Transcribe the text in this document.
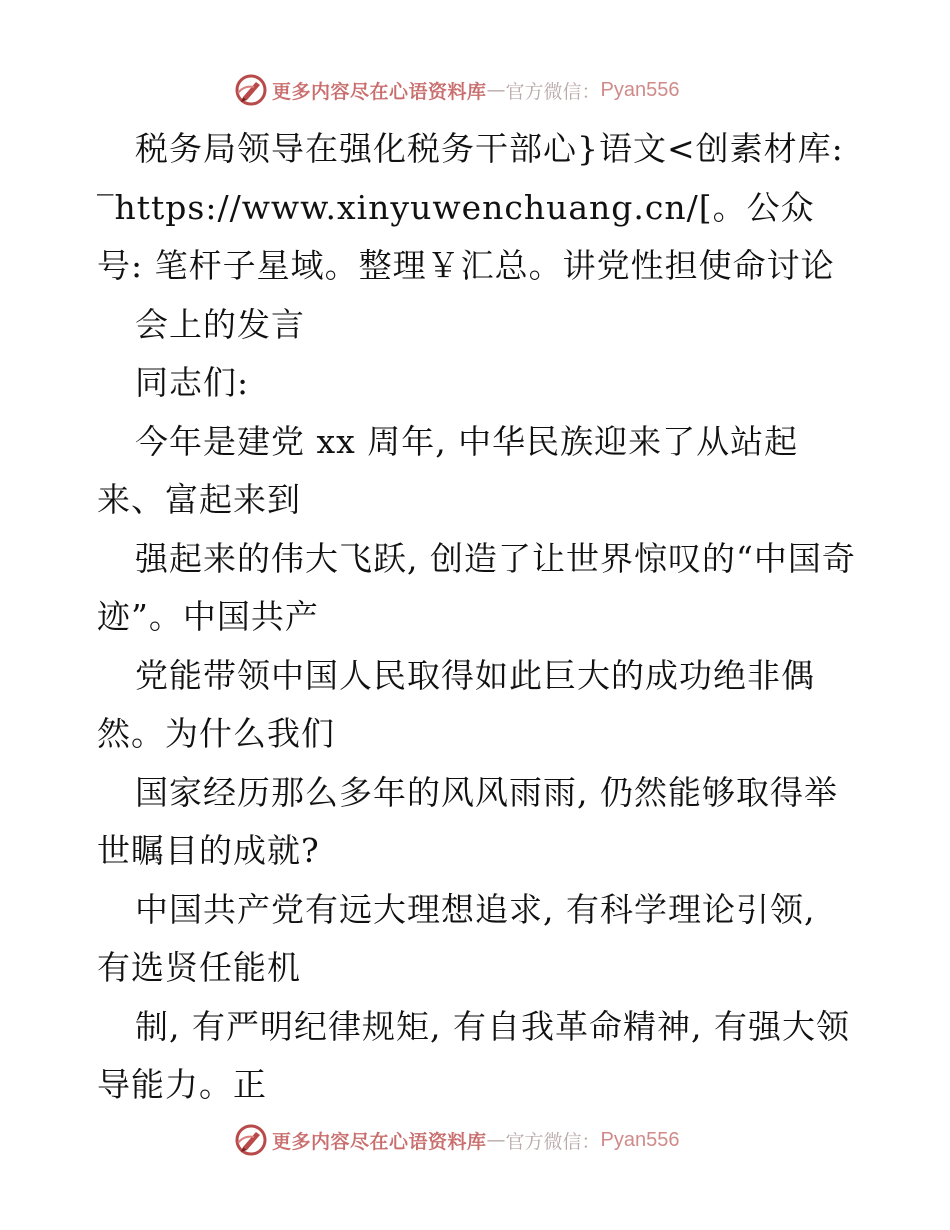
更多内容尽在心语资料库 — 官方微信： Pyan556

税务局领导在强化税务干部心}语文<创素材库:‾https://www.xinyuwenchuang.cn/[。公众号: 笔杆子星域。整理￥汇总。讲党性担使命讨论

会上的发言

同志们:

今年是建党 xx 周年, 中华民族迎来了从站起来、富起来到

强起来的伟大飞跃, 创造了让世界惊叹的“中国奇迹”。中国共产

党能带领中国人民取得如此巨大的成功绝非偶然。为什么我们

国家经历那么多年的风风雨雨, 仍然能够取得举世瞩目的成就?

中国共产党有远大理想追求, 有科学理论引领, 有选贤任能机

制, 有严明纪律规矩, 有自我革命精神, 有强大领导能力。正

更多内容尽在心语资料库 — 官方微信： Pyan556
